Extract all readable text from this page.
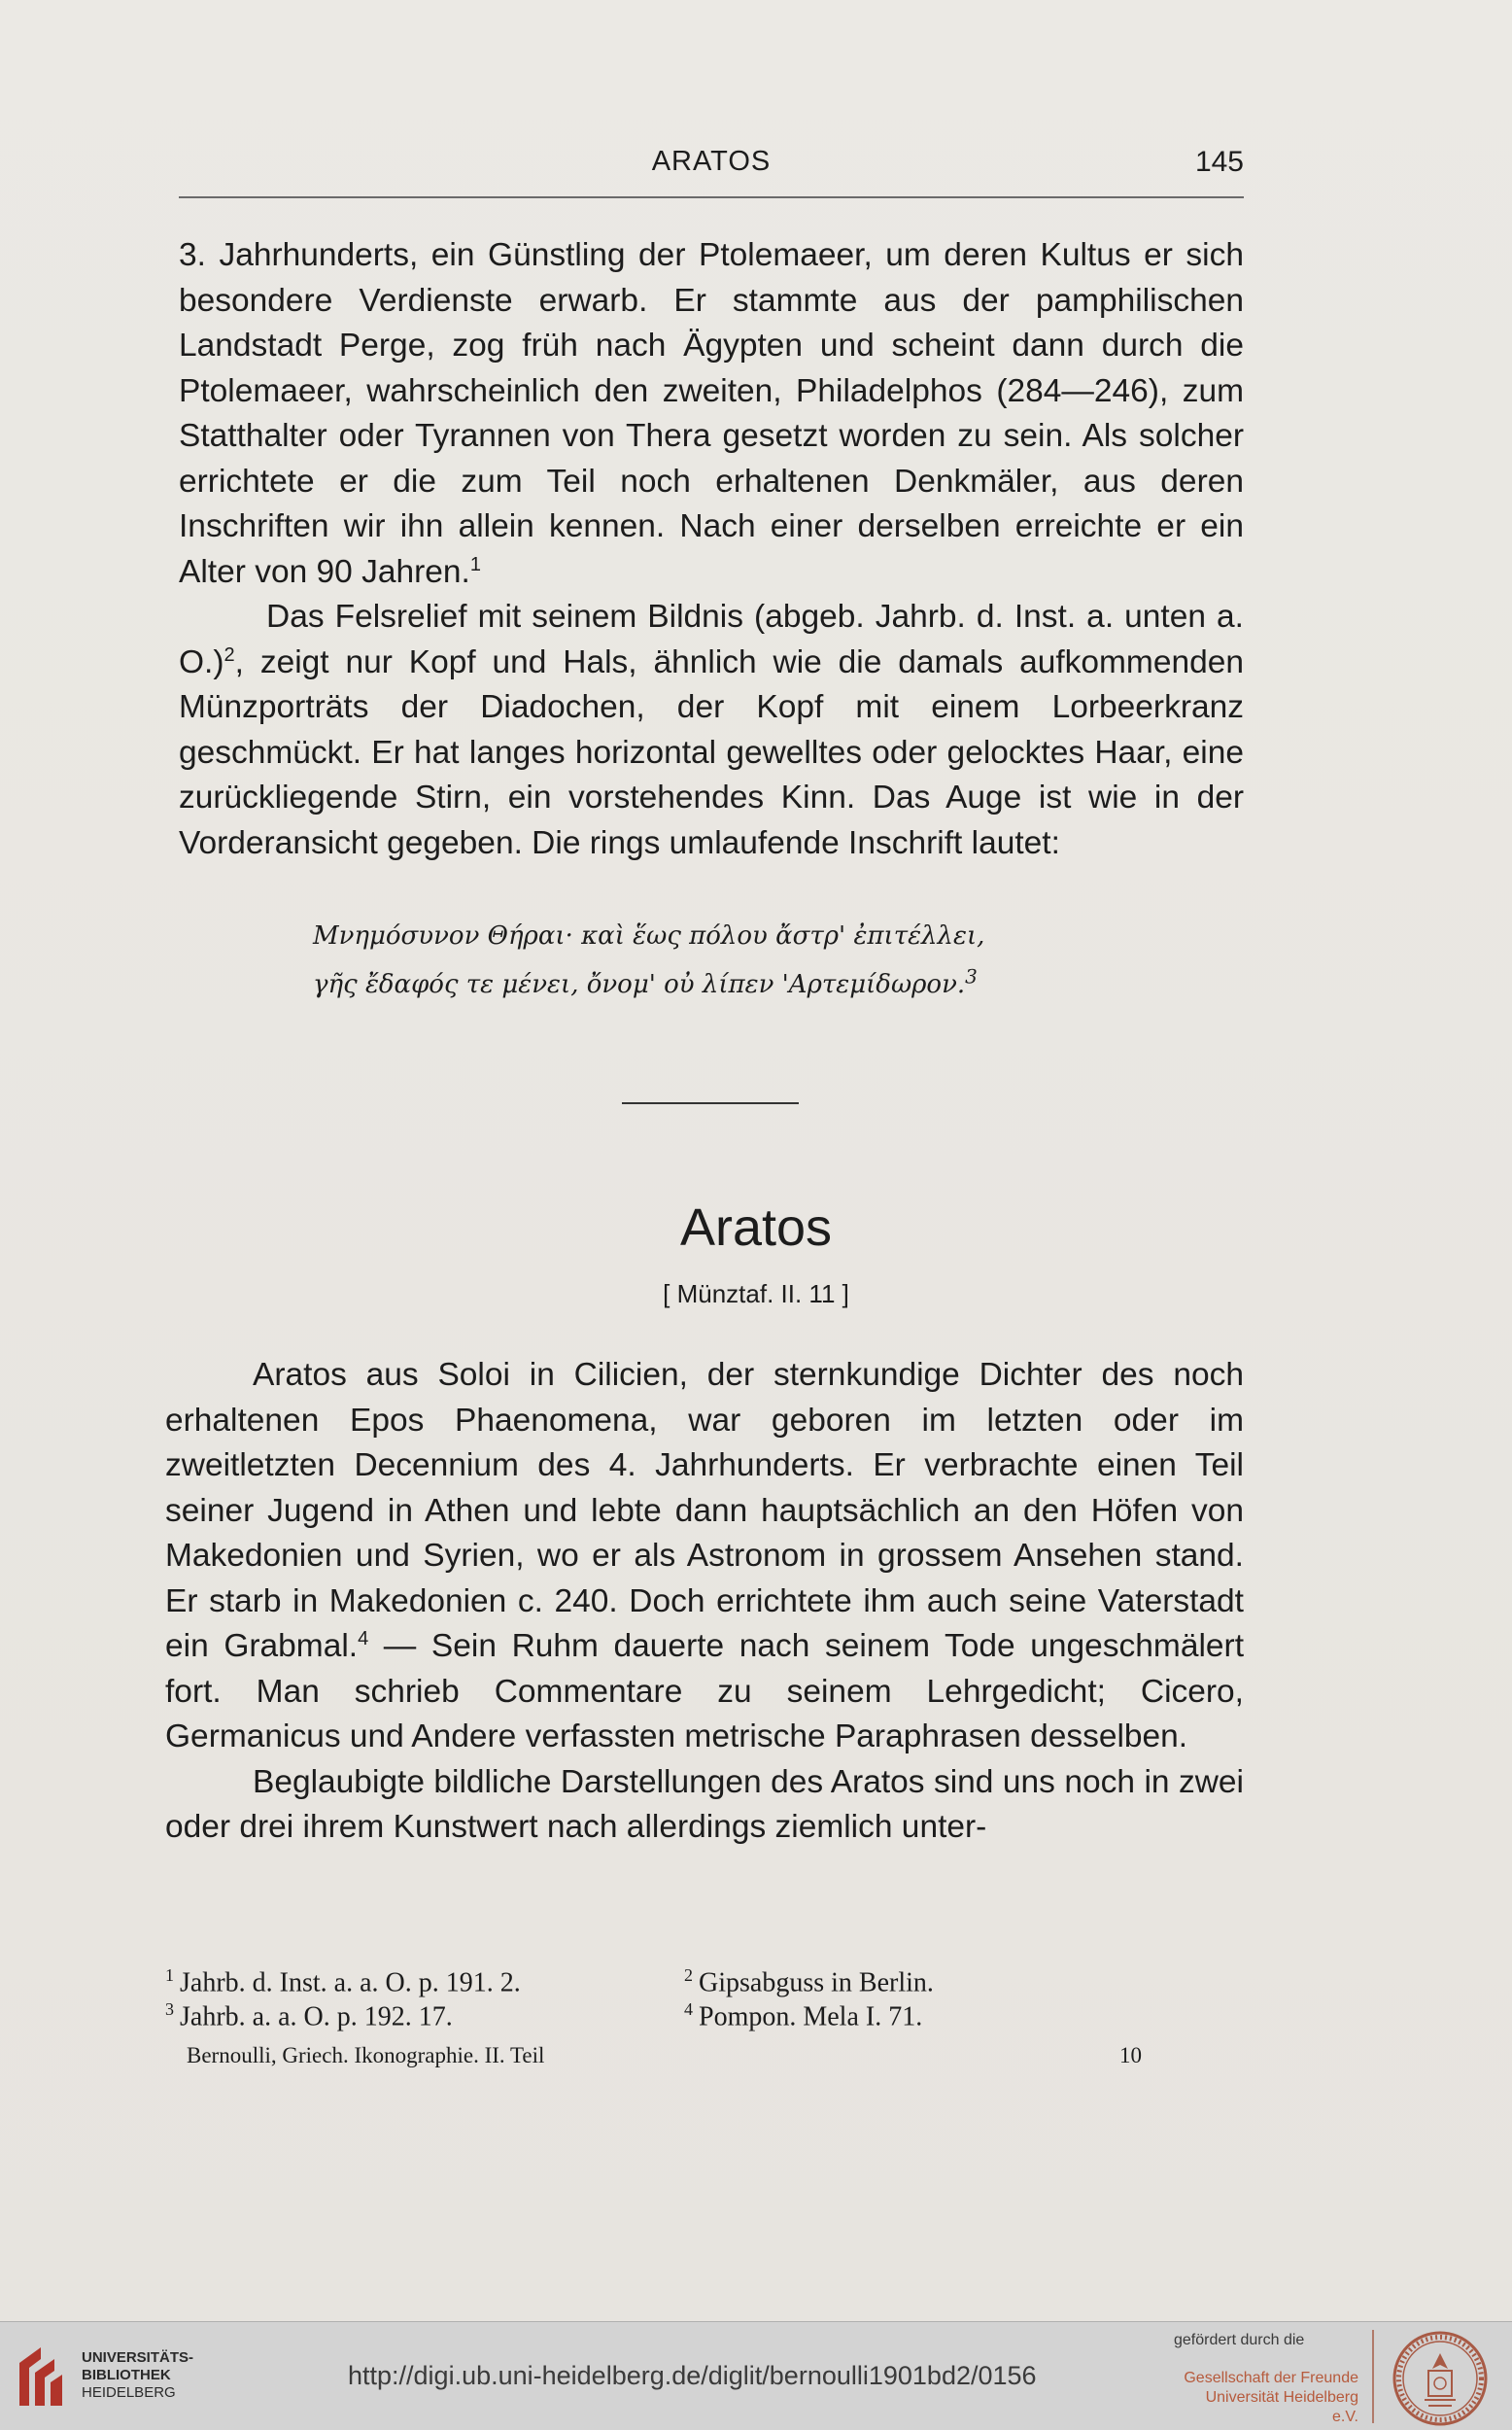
ARATOS	145

3. Jahrhunderts, ein Günstling der Ptolemaeer, um deren Kultus er sich besondere Verdienste erwarb. Er stammte aus der pamphilischen Landstadt Perge, zog früh nach Ägypten und scheint dann durch die Ptolemaeer, wahrscheinlich den zweiten, Philadelphos (284—246), zum Statthalter oder Tyrannen von Thera gesetzt worden zu sein. Als solcher errichtete er die zum Teil noch erhaltenen Denkmäler, aus deren Inschriften wir ihn allein kennen. Nach einer derselben erreichte er ein Alter von 90 Jahren.$^1$

Das Felsrelief mit seinem Bildnis (abgeb. Jahrb. d. Inst. a. unten a. O.)$^2$, zeigt nur Kopf und Hals, ähnlich wie die damals aufkommenden Münzporträts der Diadochen, der Kopf mit einem Lorbeerkranz geschmückt. Er hat langes horizontal gewelltes oder gelocktes Haar, eine zurückliegende Stirn, ein vorstehendes Kinn. Das Auge ist wie in der Vorderansicht gegeben. Die rings umlaufende Inschrift lautet:

Μνημόσυνον Θήραι· καὶ ἕως πόλου ἄστρ' ἐπιτέλλει,
γῆς ἔδαφός τε μένει, ὄνομ' οὐ λίπεν 'Αρτεμίδωρον.$^3$
Aratos
[ Münztaf. II. 11 ]

Aratos aus Soloi in Cilicien, der sternkundige Dichter des noch erhaltenen Epos Phaenomena, war geboren im letzten oder im zweitletzten Decennium des 4. Jahrhunderts. Er verbrachte einen Teil seiner Jugend in Athen und lebte dann hauptsächlich an den Höfen von Makedonien und Syrien, wo er als Astronom in grossem Ansehen stand. Er starb in Makedonien c. 240. Doch errichtete ihm auch seine Vaterstadt ein Grabmal.$^4$ — Sein Ruhm dauerte nach seinem Tode ungeschmälert fort. Man schrieb Commentare zu seinem Lehrgedicht; Cicero, Germanicus und Andere verfassten metrische Paraphrasen desselben.

Beglaubigte bildliche Darstellungen des Aratos sind uns noch in zwei oder drei ihrem Kunstwert nach allerdings ziemlich unter-

$^1$ Jahrb. d. Inst. a. a. O. p. 191. 2.	$^2$ Gipsabguss in Berlin.
$^3$ Jahrb. a. a. O. p. 192. 17.	$^4$ Pompon. Mela I. 71.
Bernoulli, Griech. Ikonographie. II. Teil	10
UNIVERSITÄTS-
BIBLIOTHEK
HEIDELBERG
http://digi.ub.uni-heidelberg.de/diglit/bernoulli1901bd2/0156
gefördert durch die
Gesellschaft der Freunde
Universität Heidelberg e.V.
